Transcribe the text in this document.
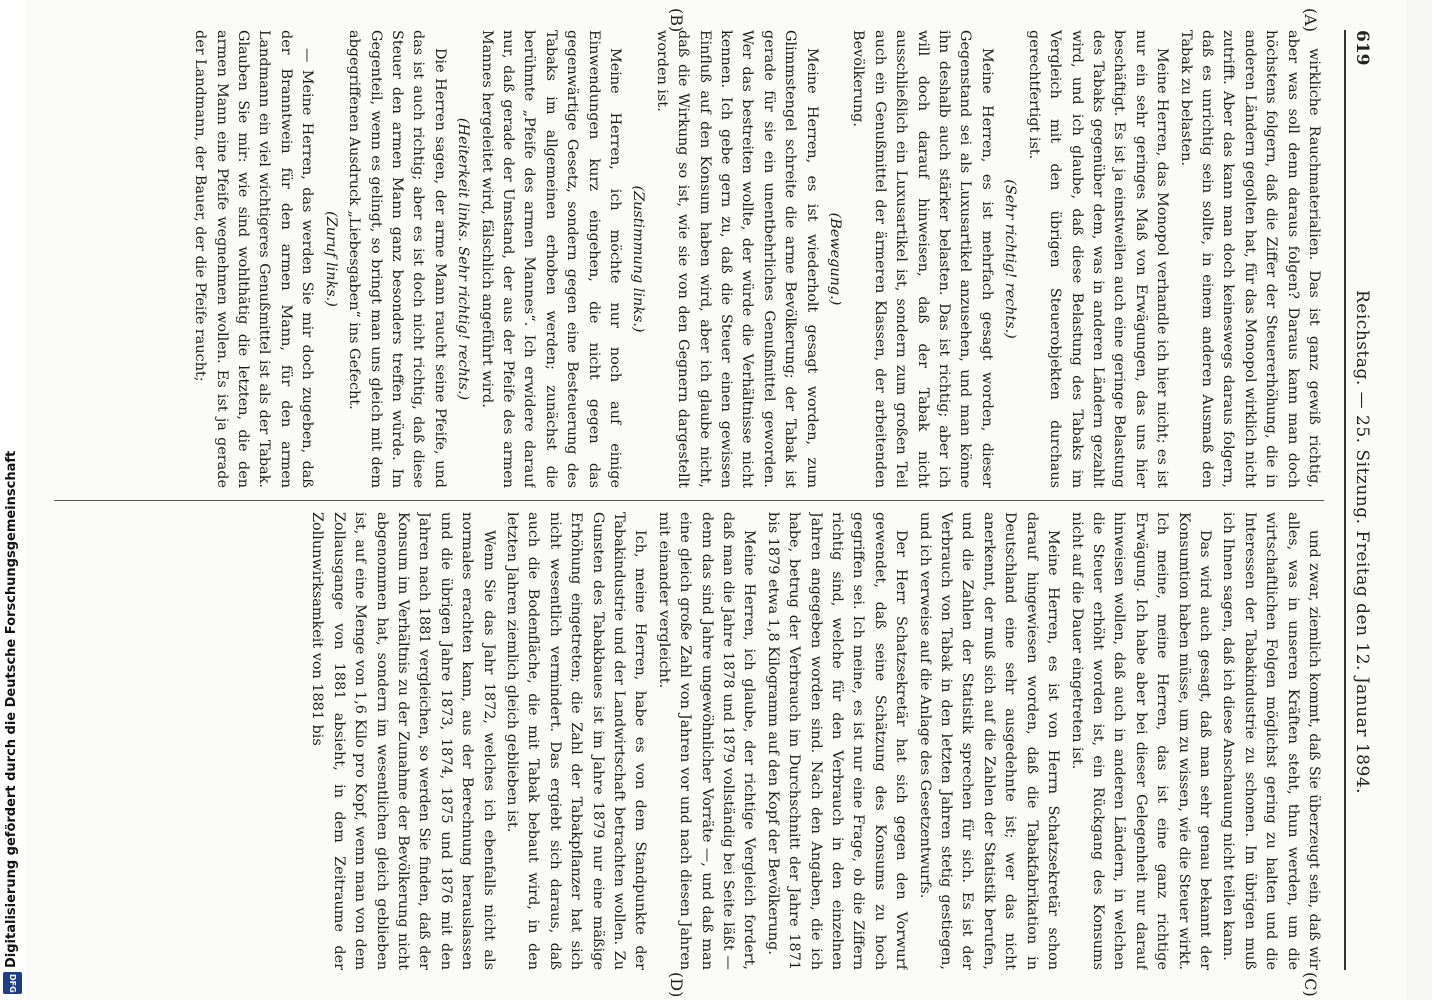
619
Reichstag. — 25. Sitzung. Freitag den 12. Januar 1894.
(A)
(B)
(C)
(D)

wirkliche Rauchmaterialien. Das ist ganz gewiß richtig, aber was soll denn daraus folgen? Daraus kann man doch höchstens folgern, daß die Ziffer der Steuererhöhung, die in anderen Ländern gegolten hat, für das Monopol wirklich nicht zutrifft. Aber das kann man doch keineswegs daraus folgern, daß es unrichtig sein sollte, in einem anderen Ausmaß den Tabak zu belasten.

Meine Herren, das Monopol verhandle ich hier nicht; es ist nur ein sehr geringes Maß von Erwägungen, das uns hier beschäftigt. Es ist ja einstweilen auch eine geringe Belastung des Tabaks gegenüber dem, was in anderen Ländern gezahlt wird, und ich glaube, daß diese Belastung des Tabaks im Vergleich mit den übrigen Steuerobjekten durchaus gerechtfertigt ist.

(Sehr richtig! rechts.)

Meine Herren, es ist mehrfach gesagt worden, dieser Gegenstand sei als Luxusartikel anzusehen, und man könne ihn deshalb auch stärker belasten. Das ist richtig; aber ich will doch darauf hinweisen, daß der Tabak nicht ausschließlich ein Luxusartikel ist, sondern zum großen Teil auch ein Genußmittel der ärmeren Klassen, der arbeitenden Bevölkerung.

(Bewegung.)

Meine Herren, es ist wiederholt gesagt worden, zum Glimmstengel schreite die arme Bevölkerung; der Tabak ist gerade für sie ein unentbehrliches Genußmittel geworden. Wer das bestreiten wollte, der würde die Verhältnisse nicht kennen. Ich gebe gern zu, daß die Steuer einen gewissen Einfluß auf den Konsum haben wird, aber ich glaube nicht, daß die Wirkung so ist, wie sie von den Gegnern dargestellt worden ist.

(Zustimmung links.)

Meine Herren, ich möchte nur noch auf einige Einwendungen kurz eingehen, die nicht gegen das gegenwärtige Gesetz, sondern gegen eine Besteuerung des Tabaks im allgemeinen erhoben werden; zunächst die berühmte „Pfeife des armen Mannes“. Ich erwidere darauf nur, daß gerade der Umstand, der aus der Pfeife des armen Mannes hergeleitet wird, fälschlich angeführt wird.

(Heiterkeit links. Sehr richtig! rechts.)

Die Herren sagen, der arme Mann raucht seine Pfeife, und das ist auch richtig; aber es ist doch nicht richtig, daß diese Steuer den armen Mann ganz besonders treffen würde. Im Gegenteil, wenn es gelingt, so bringt man uns gleich mit dem abgegriffenen Ausdruck „Liebesgaben“ ins Gefecht.

(Zuruf links.)

— Meine Herren, das werden Sie mir doch zugeben, daß der Branntwein für den armen Mann, für den armen Landmann ein viel wichtigeres Genußmittel ist als der Tabak. Glauben Sie mir: wie sind wohlthätig die letzten, die den armen Mann eine Pfeife wegnehmen wollen. Es ist ja gerade der Landmann, der Bauer, der die Pfeife raucht;

und zwar, ziemlich kommt, daß Sie überzeugt sein, daß wir alles, was in unseren Kräften steht, thun werden, um die wirtschaftlichen Folgen möglichst gering zu halten und die Interessen der Tabakindustrie zu schonen. Im übrigen muß ich Ihnen sagen, daß ich diese Anschauung nicht teilen kann.

Das wird auch gesagt, daß man sehr genau bekannt der Konsumtion haben müsse, um zu wissen, wie die Steuer wirkt. Ich meine, meine Herren, das ist eine ganz richtige Erwägung. Ich habe aber bei dieser Gelegenheit nur darauf hinweisen wollen, daß auch in anderen Ländern, in welchen die Steuer erhöht worden ist, ein Rückgang des Konsums nicht auf die Dauer eingetreten ist.

Meine Herren, es ist von Herrn Schatzsekretär schon darauf hingewiesen worden, daß die Tabakfabrikation in Deutschland eine sehr ausgedehnte ist; wer das nicht anerkennt, der muß sich auf die Zahlen der Statistik berufen, und die Zahlen der Statistik sprechen für sich. Es ist der Verbrauch von Tabak in den letzten Jahren stetig gestiegen, und ich verweise auf die Anlage des Gesetzentwurfs.

Der Herr Schatzsekretär hat sich gegen den Vorwurf gewendet, daß seine Schätzung des Konsums zu hoch gegriffen sei. Ich meine, es ist nur eine Frage, ob die Ziffern richtig sind, welche für den Verbrauch in den einzelnen Jahren angegeben worden sind. Nach den Angaben, die ich habe, betrug der Verbrauch im Durchschnitt der Jahre 1871 bis 1879 etwa 1,8 Kilogramm auf den Kopf der Bevölkerung.

Meine Herren, ich glaube, der richtige Vergleich fordert, daß man die Jahre 1878 und 1879 vollständig bei Seite läßt — denn das sind Jahre ungewöhnlicher Vorräte —, und daß man eine gleich große Zahl von Jahren vor und nach diesen Jahren mit einander vergleicht.

Ich, meine Herren, habe es von dem Standpunkte der Tabakindustrie und der Landwirtschaft betrachten wollen. Zu Gunsten des Tabakbaues ist im Jahre 1879 nur eine mäßige Erhöhung eingetreten; die Zahl der Tabakpflanzer hat sich nicht wesentlich vermindert. Das ergiebt sich daraus, daß auch die Bodenfläche, die mit Tabak bebaut wird, in den letzten Jahren ziemlich gleich geblieben ist.

Wenn Sie das Jahr 1872, welches ich ebenfalls nicht als normales erachten kann, aus der Berechnung herauslassen und die übrigen Jahre 1873, 1874, 1875 und 1876 mit den Jahren nach 1881 vergleichen, so werden Sie finden, daß der Konsum im Verhältnis zu der Zunahme der Bevölkerung nicht abgenommen hat, sondern im wesentlichen gleich geblieben ist, auf eine Menge von 1,6 Kilo pro Kopf, wenn man von dem Zollausgange von 1881 absieht, in dem Zeitraume der Zollunwirksamkeit von 1881 bis

Digitalisierung gefördert durch die Deutsche Forschungsgemeinschaft
DFG
